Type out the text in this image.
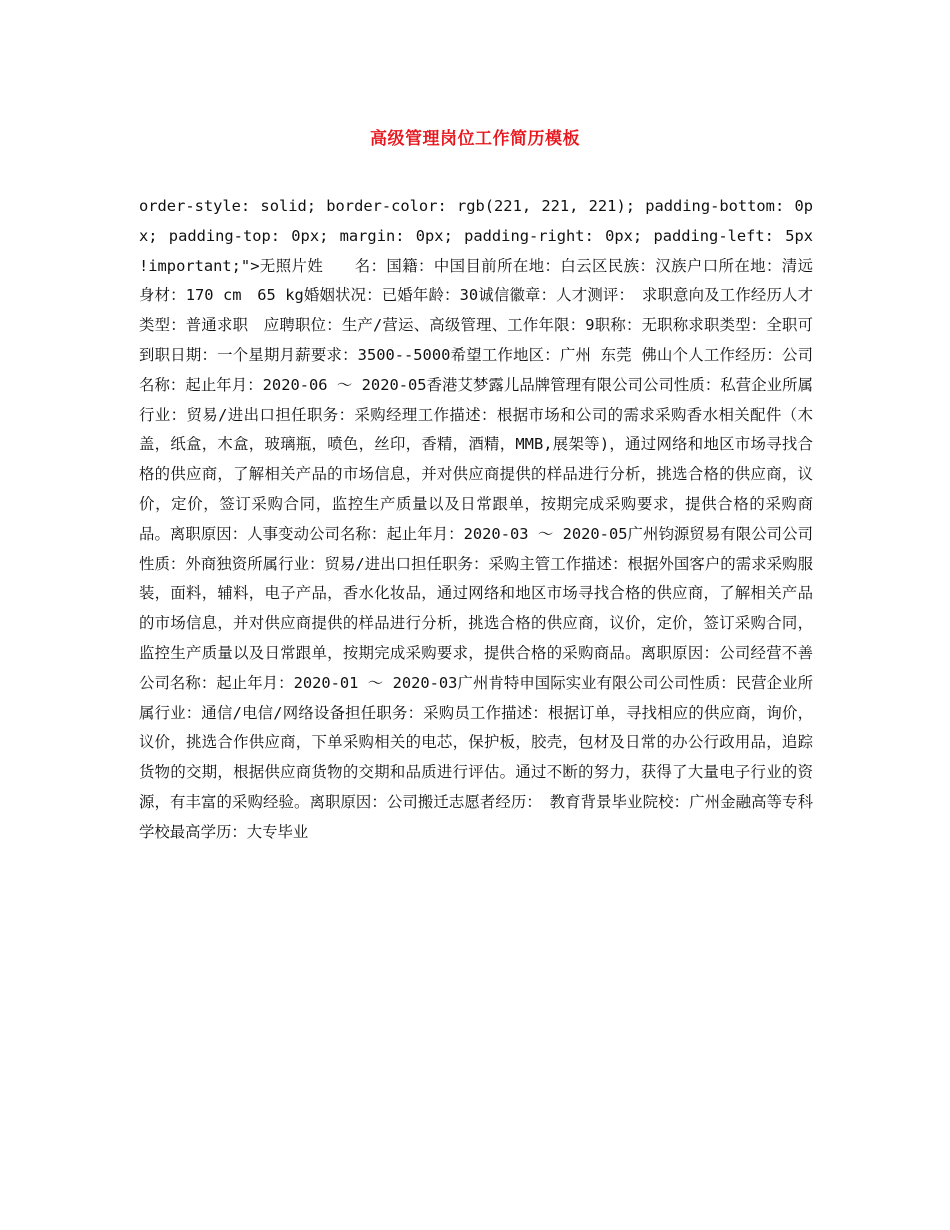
高级管理岗位工作简历模板

order-style: solid; border-color: rgb(221, 221, 221); padding-bottom: 0px; padding-top: 0px; margin: 0px; padding-right: 0px; padding-left: 5px !important;">无照片姓　　名：国籍：中国目前所在地：白云区民族：汉族户口所在地：清远身材：170 cm　65 kg婚姻状况：已婚年龄：30诚信徽章：人才测评：　求职意向及工作经历人才类型：普通求职　应聘职位：生产/营运、高级管理、工作年限：9职称：无职称求职类型：全职可到职日期：一个星期月薪要求：3500--5000希望工作地区：广州 东莞 佛山个人工作经历：公司名称：起止年月：2020-06 ～ 2020-05香港艾梦露儿品牌管理有限公司公司性质：私营企业所属行业：贸易/进出口担任职务：采购经理工作描述：根据市场和公司的需求采购香水相关配件（木盖，纸盒，木盒，玻璃瓶，喷色，丝印，香精，酒精，MMB,展架等)，通过网络和地区市场寻找合格的供应商，了解相关产品的市场信息，并对供应商提供的样品进行分析，挑选合格的供应商，议价，定价，签订采购合同，监控生产质量以及日常跟单，按期完成采购要求，提供合格的采购商品。离职原因：人事变动公司名称：起止年月：2020-03 ～ 2020-05广州钧源贸易有限公司公司性质：外商独资所属行业：贸易/进出口担任职务：采购主管工作描述：根据外国客户的需求采购服装，面料，辅料，电子产品，香水化妆品，通过网络和地区市场寻找合格的供应商，了解相关产品的市场信息，并对供应商提供的样品进行分析，挑选合格的供应商，议价，定价，签订采购合同，监控生产质量以及日常跟单，按期完成采购要求，提供合格的采购商品。离职原因：公司经营不善公司名称：起止年月：2020-01 ～ 2020-03广州肯特申国际实业有限公司公司性质：民营企业所属行业：通信/电信/网络设备担任职务：采购员工作描述：根据订单，寻找相应的供应商，询价，议价，挑选合作供应商，下单采购相关的电芯，保护板，胶壳，包材及日常的办公行政用品，追踪货物的交期，根据供应商货物的交期和品质进行评估。通过不断的努力，获得了大量电子行业的资源，有丰富的采购经验。离职原因：公司搬迁志愿者经历：　教育背景毕业院校：广州金融高等专科学校最高学历：大专毕业
